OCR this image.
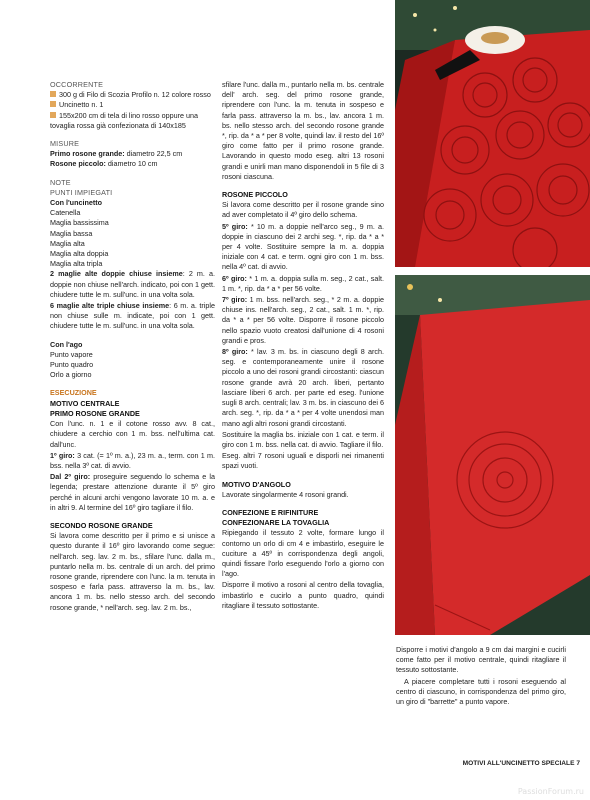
OCCORRENTE
300 g di Filo di Scozia Profilo n. 12 colore rosso
Uncinetto n. 1
155x200 cm di tela di lino rosso oppure una tovaglia rossa già confezionata di 140x185
MISURE
Primo rosone grande: diametro 22,5 cm
Rosone piccolo: diametro 10 cm
NOTE
PUNTI IMPIEGATI
Con l'uncinetto
Catenella
Maglia bassissima
Maglia bassa
Maglia alta
Maglia alta doppia
Maglia alta tripla

2 maglie alte doppie chiuse insieme: 2 m. a. doppie non chiuse nell'arch. indicato, poi con 1 gett. chiudere tutte le m. sull'unc. in una volta sola.

6 maglie alte triple chiuse insieme: 6 m. a. triple non chiuse sulle m. indicate, poi con 1 gett. chiudere tutte le m. sull'unc. in una volta sola.

Con l'ago
Punto vapore
Punto quadro
Orlo a giorno
ESECUZIONE
MOTIVO CENTRALE
PRIMO ROSONE GRANDE

Con l'unc. n. 1 e il cotone rosso avv. 8 cat., chiudere a cerchio con 1 m. bss. nell'ultima cat. dall'unc.

1º giro: 3 cat. (= 1º m. a.), 23 m. a., term. con 1 m. bss. nella 3º cat. di avvio.

Dal 2º giro: proseguire seguendo lo schema e la legenda; prestare attenzione durante il 5º giro perché in alcuni archi vengono lavorate 10 m. a. e in altri 9. Al termine del 16º giro tagliare il filo.

SECONDO ROSONE GRANDE

Si lavora come descritto per il primo e si unisce a questo durante il 16º giro lavorando come segue: nell'arch. seg. lav. 2 m. bs., sfilare l'unc. dalla m., puntarlo nella m. bs. centrale di un arch. del primo rosone grande, riprendere con l'unc. la m. tenuta in sospeso e farla pass. attraverso la m. bs., lav. ancora 1 m. bs. nello stesso arch. del secondo rosone grande, * nell'arch. seg. lav. 2 m. bs.,

sfilare l'unc. dalla m., puntarlo nella m. bs. centrale dell' arch. seg. del primo rosone grande, riprendere con l'unc. la m. tenuta in sospeso e farla pass. attraverso la m. bs., lav. ancora 1 m. bs. nello stesso arch. del secondo rosone grande *, rip. da * a * per 8 volte, quindi lav. il resto del 16º giro come fatto per il primo rosone grande. Lavorando in questo modo eseg. altri 13 rosoni grandi e unirli man mano disponendoli in 5 file di 3 rosoni ciascuna.

ROSONE PICCOLO

Si lavora come descritto per il rosone grande sino ad aver completato il 4º giro dello schema.

5º giro: * 10 m. a doppie nell'arco seg., 9 m. a. doppie in ciascuno dei 2 archi seg. *, rip. da * a * per 4 volte. Sostituire sempre la m. a. doppia iniziale con 4 cat. e term. ogni giro con 1 m. bss. nella 4º cat. di avvio.

6º giro: * 1 m. a. doppia sulla m. seg., 2 cat., salt. 1 m. *, rip. da * a * per 56 volte.

7º giro: 1 m. bss. nell'arch. seg., * 2 m. a. doppie chiuse ins. nell'arch. seg., 2 cat., salt. 1 m. *, rip. da * a * per 56 volte. Disporre il rosone piccolo nello spazio vuoto creatosi dall'unione di 4 rosoni grandi e pros.

8º giro: * lav. 3 m. bs. in ciascuno degli 8 arch. seg. e contemporaneamente unire il rosone piccolo a uno dei rosoni grandi circostanti: ciascun rosone grande avrà 20 arch. liberi, pertanto lasciare liberi 6 arch. per parte ed eseg. l'unione sugli 8 arch. centrali; lav. 3 m. bs. in ciascuno dei 6 arch. seg. *, rip. da * a * per 4 volte unendosi man mano agli altri rosoni grandi circostanti.

Sostituire la maglia bs. iniziale con 1 cat. e term. il giro con 1 m. bss. nella cat. di avvio. Tagliare il filo.

Eseg. altri 7 rosoni uguali e disporli nei rimanenti spazi vuoti.

MOTIVO D'ANGOLO

Lavorate singolarmente 4 rosoni grandi.

CONFEZIONE E RIFINITURE
CONFEZIONARE LA TOVAGLIA

Ripiegando il tessuto 2 volte, formare lungo il contorno un orlo di cm 4 e imbastirlo, eseguire le cuciture a 45º in corrispondenza degli angoli, quindi fissare l'orlo eseguendo l'orlo a giorno con l'ago.

Disporre il motivo a rosoni al centro della tovaglia, imbastirlo e cucirlo a punto quadro, quindi ritagliare il tessuto sottostante.

Disporre i motivi d'angolo a 9 cm dai margini e cucirli come fatto per il motivo centrale, quindi ritagliare il tessuto sottostante.

A piacere completare tutti i rosoni eseguendo al centro di ciascuno, in corrispondenza del primo giro, un giro di "barrette" a punto vapore.

MOTIVI ALL'UNCINETTO SPECIALE 7
PassionForum.ru
